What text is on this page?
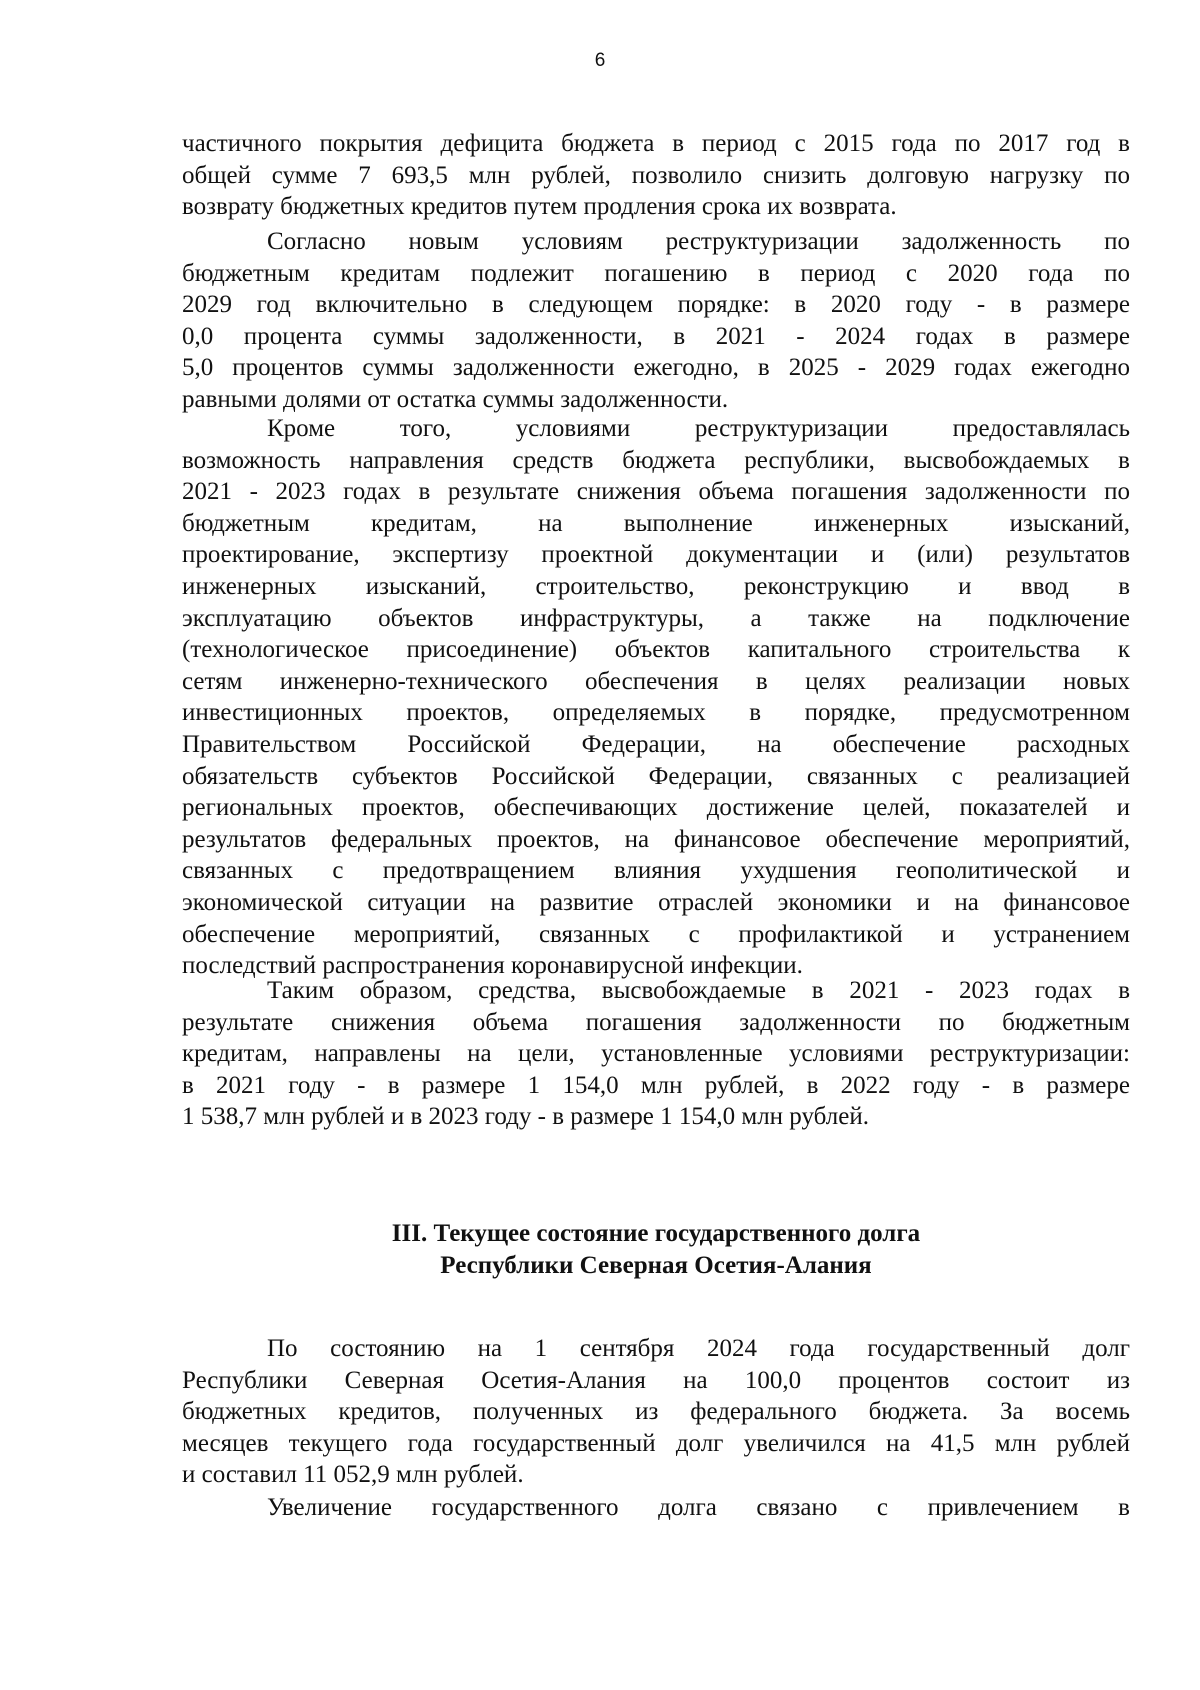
6
частичного покрытия дефицита бюджета в период с 2015 года по 2017 год в
общей сумме 7 693,5 млн рублей, позволило снизить долговую нагрузку по
возврату бюджетных кредитов путем продления срока их возврата.
Согласно новым условиям реструктуризации задолженность по
бюджетным кредитам подлежит погашению в период с 2020 года по
2029 год включительно в следующем порядке: в 2020 году - в размере
0,0 процента суммы задолженности, в 2021 - 2024 годах в размере
5,0 процентов суммы задолженности ежегодно, в 2025 - 2029 годах ежегодно
равными долями от остатка суммы задолженности.
Кроме того, условиями реструктуризации предоставлялась
возможность направления средств бюджета республики, высвобождаемых в
2021 - 2023 годах в результате снижения объема погашения задолженности по
бюджетным кредитам, на выполнение инженерных изысканий,
проектирование, экспертизу проектной документации и (или) результатов
инженерных изысканий, строительство, реконструкцию и ввод в
эксплуатацию объектов инфраструктуры, а также на подключение
(технологическое присоединение) объектов капитального строительства к
сетям инженерно-технического обеспечения в целях реализации новых
инвестиционных проектов, определяемых в порядке, предусмотренном
Правительством Российской Федерации, на обеспечение расходных
обязательств субъектов Российской Федерации, связанных с реализацией
региональных проектов, обеспечивающих достижение целей, показателей и
результатов федеральных проектов, на финансовое обеспечение мероприятий,
связанных с предотвращением влияния ухудшения геополитической и
экономической ситуации на развитие отраслей экономики и на финансовое
обеспечение мероприятий, связанных с профилактикой и устранением
последствий распространения коронавирусной инфекции.
Таким образом, средства, высвобождаемые в 2021 - 2023 годах в
результате снижения объема погашения задолженности по бюджетным
кредитам, направлены на цели, установленные условиями реструктуризации:
в 2021 году - в размере 1 154,0 млн рублей, в 2022 году - в размере
1 538,7 млн рублей и в 2023 году - в размере 1 154,0 млн рублей.
III. Текущее состояние государственного долга
Республики Северная Осетия-Алания
По состоянию на 1 сентября 2024 года государственный долг
Республики Северная Осетия-Алания на 100,0 процентов состоит из
бюджетных кредитов, полученных из федерального бюджета. За восемь
месяцев текущего года государственный долг увеличился на 41,5 млн рублей
и составил 11 052,9 млн рублей.
Увеличение государственного долга связано с привлечением в
